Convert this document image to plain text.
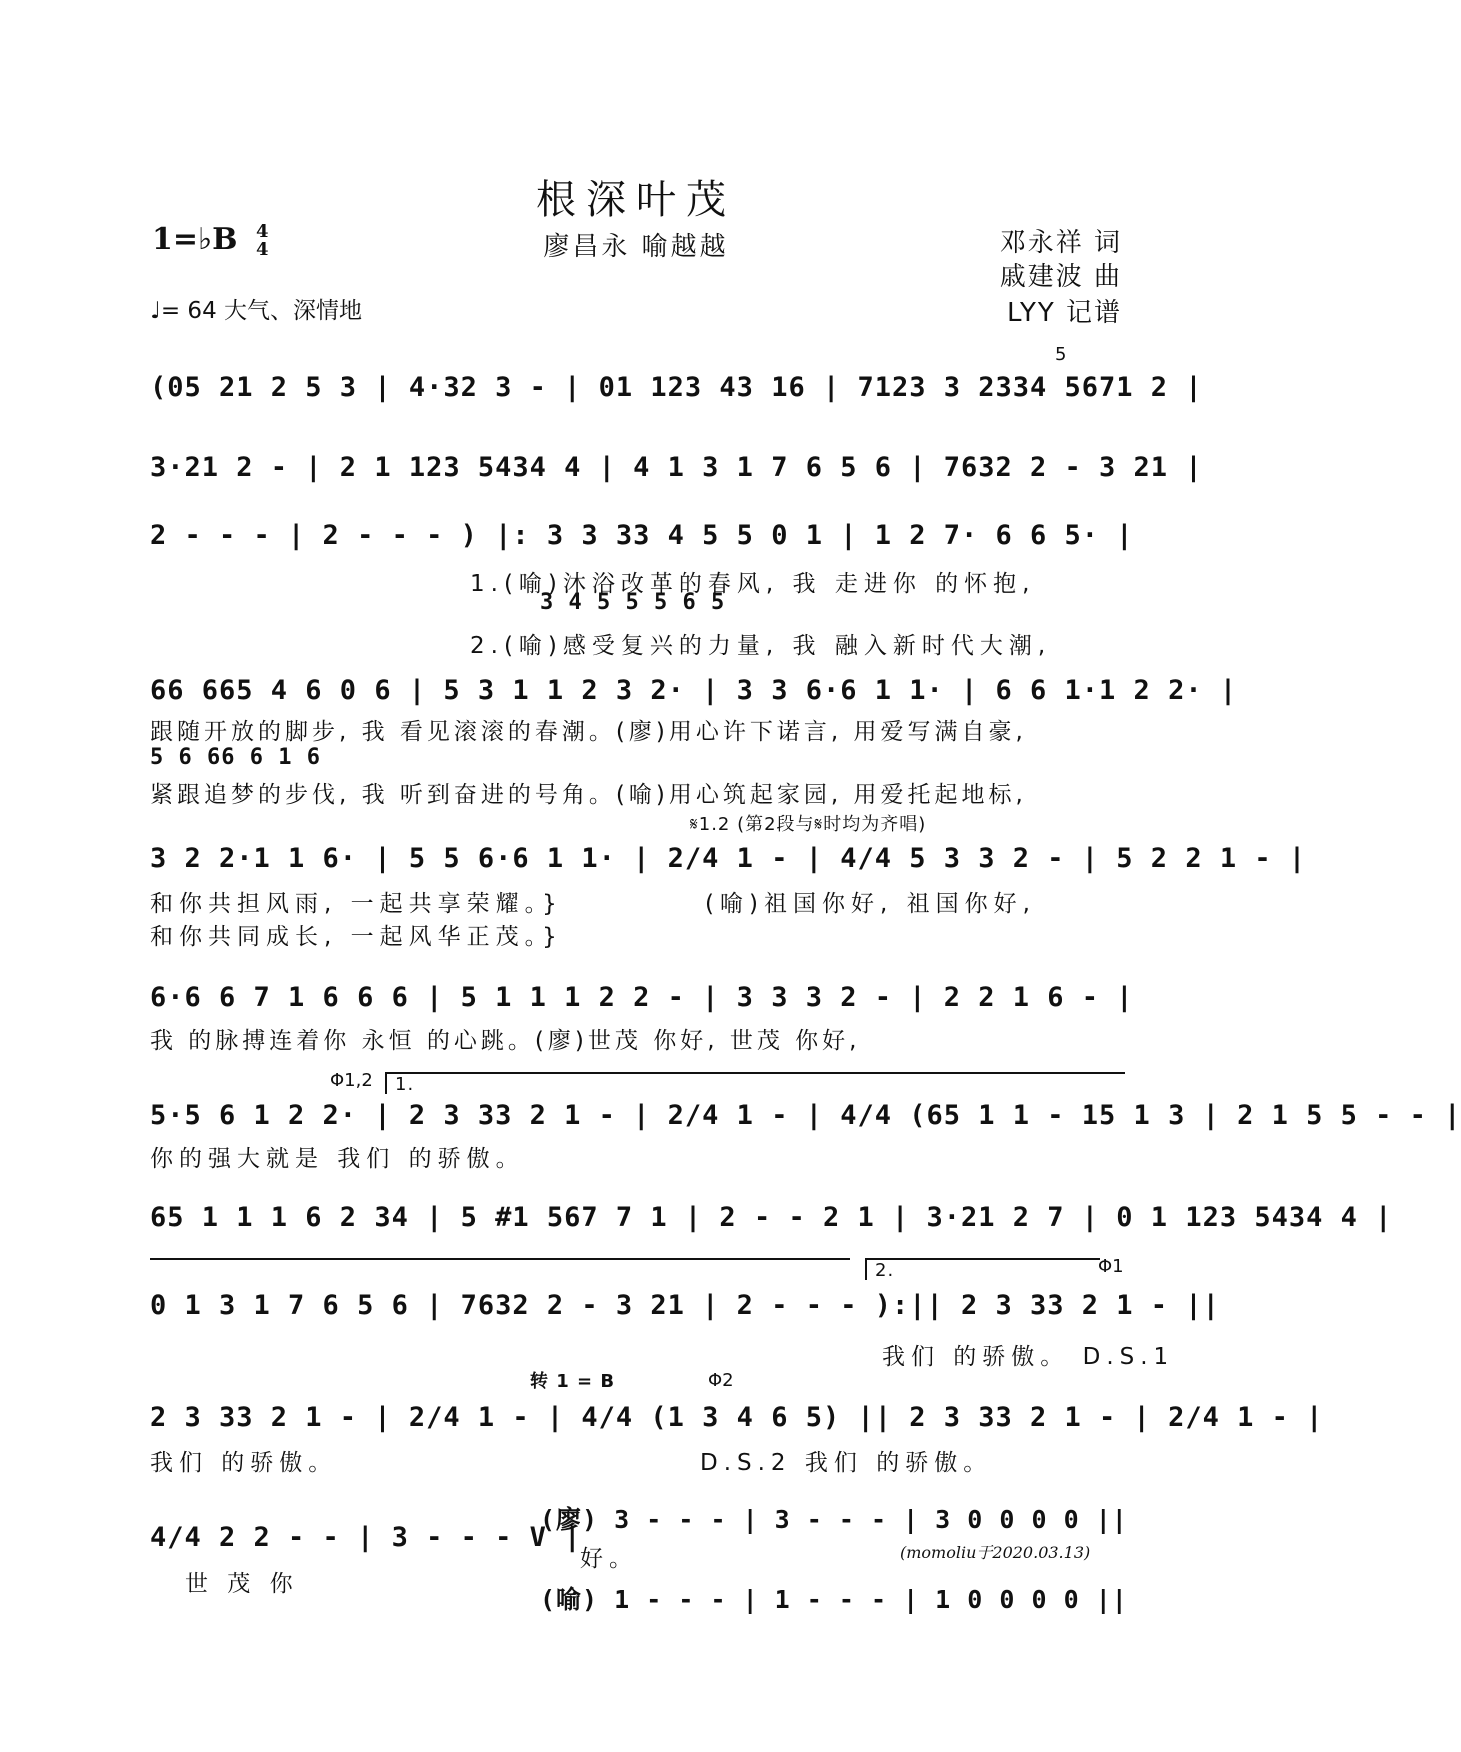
根深叶茂
廖昌永 喻越越
1=♭B 4
4
♩= 64 大气、深情地
邓永祥 词
戚建波 曲
LYY 记谱
5
(05 21 2 5 3 | 4·32 3 - | 01 123 43 16 | 7123 3 2334 5671 2 |
3·21 2 - | 2 1 123 5434 4 | 4 1 3 1 7 6 5 6 | 7632 2 - 3 21 |
2 - - - | 2 - - - ) |: 3 3 33 4 5 5 0 1 | 1 2 7· 6 6 5· |
1.(喻)沐浴改革的春风, 我 走进你 的怀抱,
3 4 5 5 5 6 5
2.(喻)感受复兴的力量, 我 融入新时代大潮,
66 665 4 6 0 6 | 5 3 1 1 2 3 2· | 3 3 6·6 1 1· | 6 6 1·1 2 2· |
跟随开放的脚步, 我 看见滚滚的春潮。(廖)用心许下诺言, 用爱写满自豪,
5 6 66 6 1 6
紧跟追梦的步伐, 我 听到奋进的号角。(喻)用心筑起家园, 用爱托起地标,
𝄋1.2 (第2段与𝄋时均为齐唱)
3 2 2·1 1 6· | 5 5 6·6 1 1· | 2/4 1 - | 4/4 5 3 3 2 - | 5 2 2 1 - |
和你共担风雨, 一起共享荣耀。}	(喻)祖国你好, 祖国你好,
和你共同成长, 一起风华正茂。}
6·6 6 7 1 6 6 6 | 5 1 1 1 2 2 - | 3 3 3 2 - | 2 2 1 6 - |
我 的脉搏连着你 永恒 的心跳。(廖)世茂 你好, 世茂 你好,
Φ1,2 1.
5·5 6 1 2 2· | 2 3 33 2 1 - | 2/4 1 - | 4/4 (65 1 1 - 15 1 3 | 2 1 5 5 - - |
你的强大就是 我们 的骄傲。
65 1 1 1 6 2 34 | 5 #1 567 7 1 | 2 - - 2 1 | 3·21 2 7 | 0 1 123 5434 4 |
2.	Φ1
0 1 3 1 7 6 5 6 | 7632 2 - 3 21 | 2 - - - ):|| 2 3 33 2 1 - ||
我们 的骄傲。 D.S.1
转 1 = B	Φ2
2 3 33 2 1 - | 2/4 1 - | 4/4 (1 3 4 6 5) || 2 3 33 2 1 - | 2/4 1 - |
我们 的骄傲。	D.S.2 我们 的骄傲。
4/4 2 2 - - | 3 - - - V |
世 茂 你
(廖) 3 - - - | 3 - - - | 3 0 0 0 0 ||
好。	(momoliu于2020.03.13)
(喻) 1 - - - | 1 - - - | 1 0 0 0 0 ||
